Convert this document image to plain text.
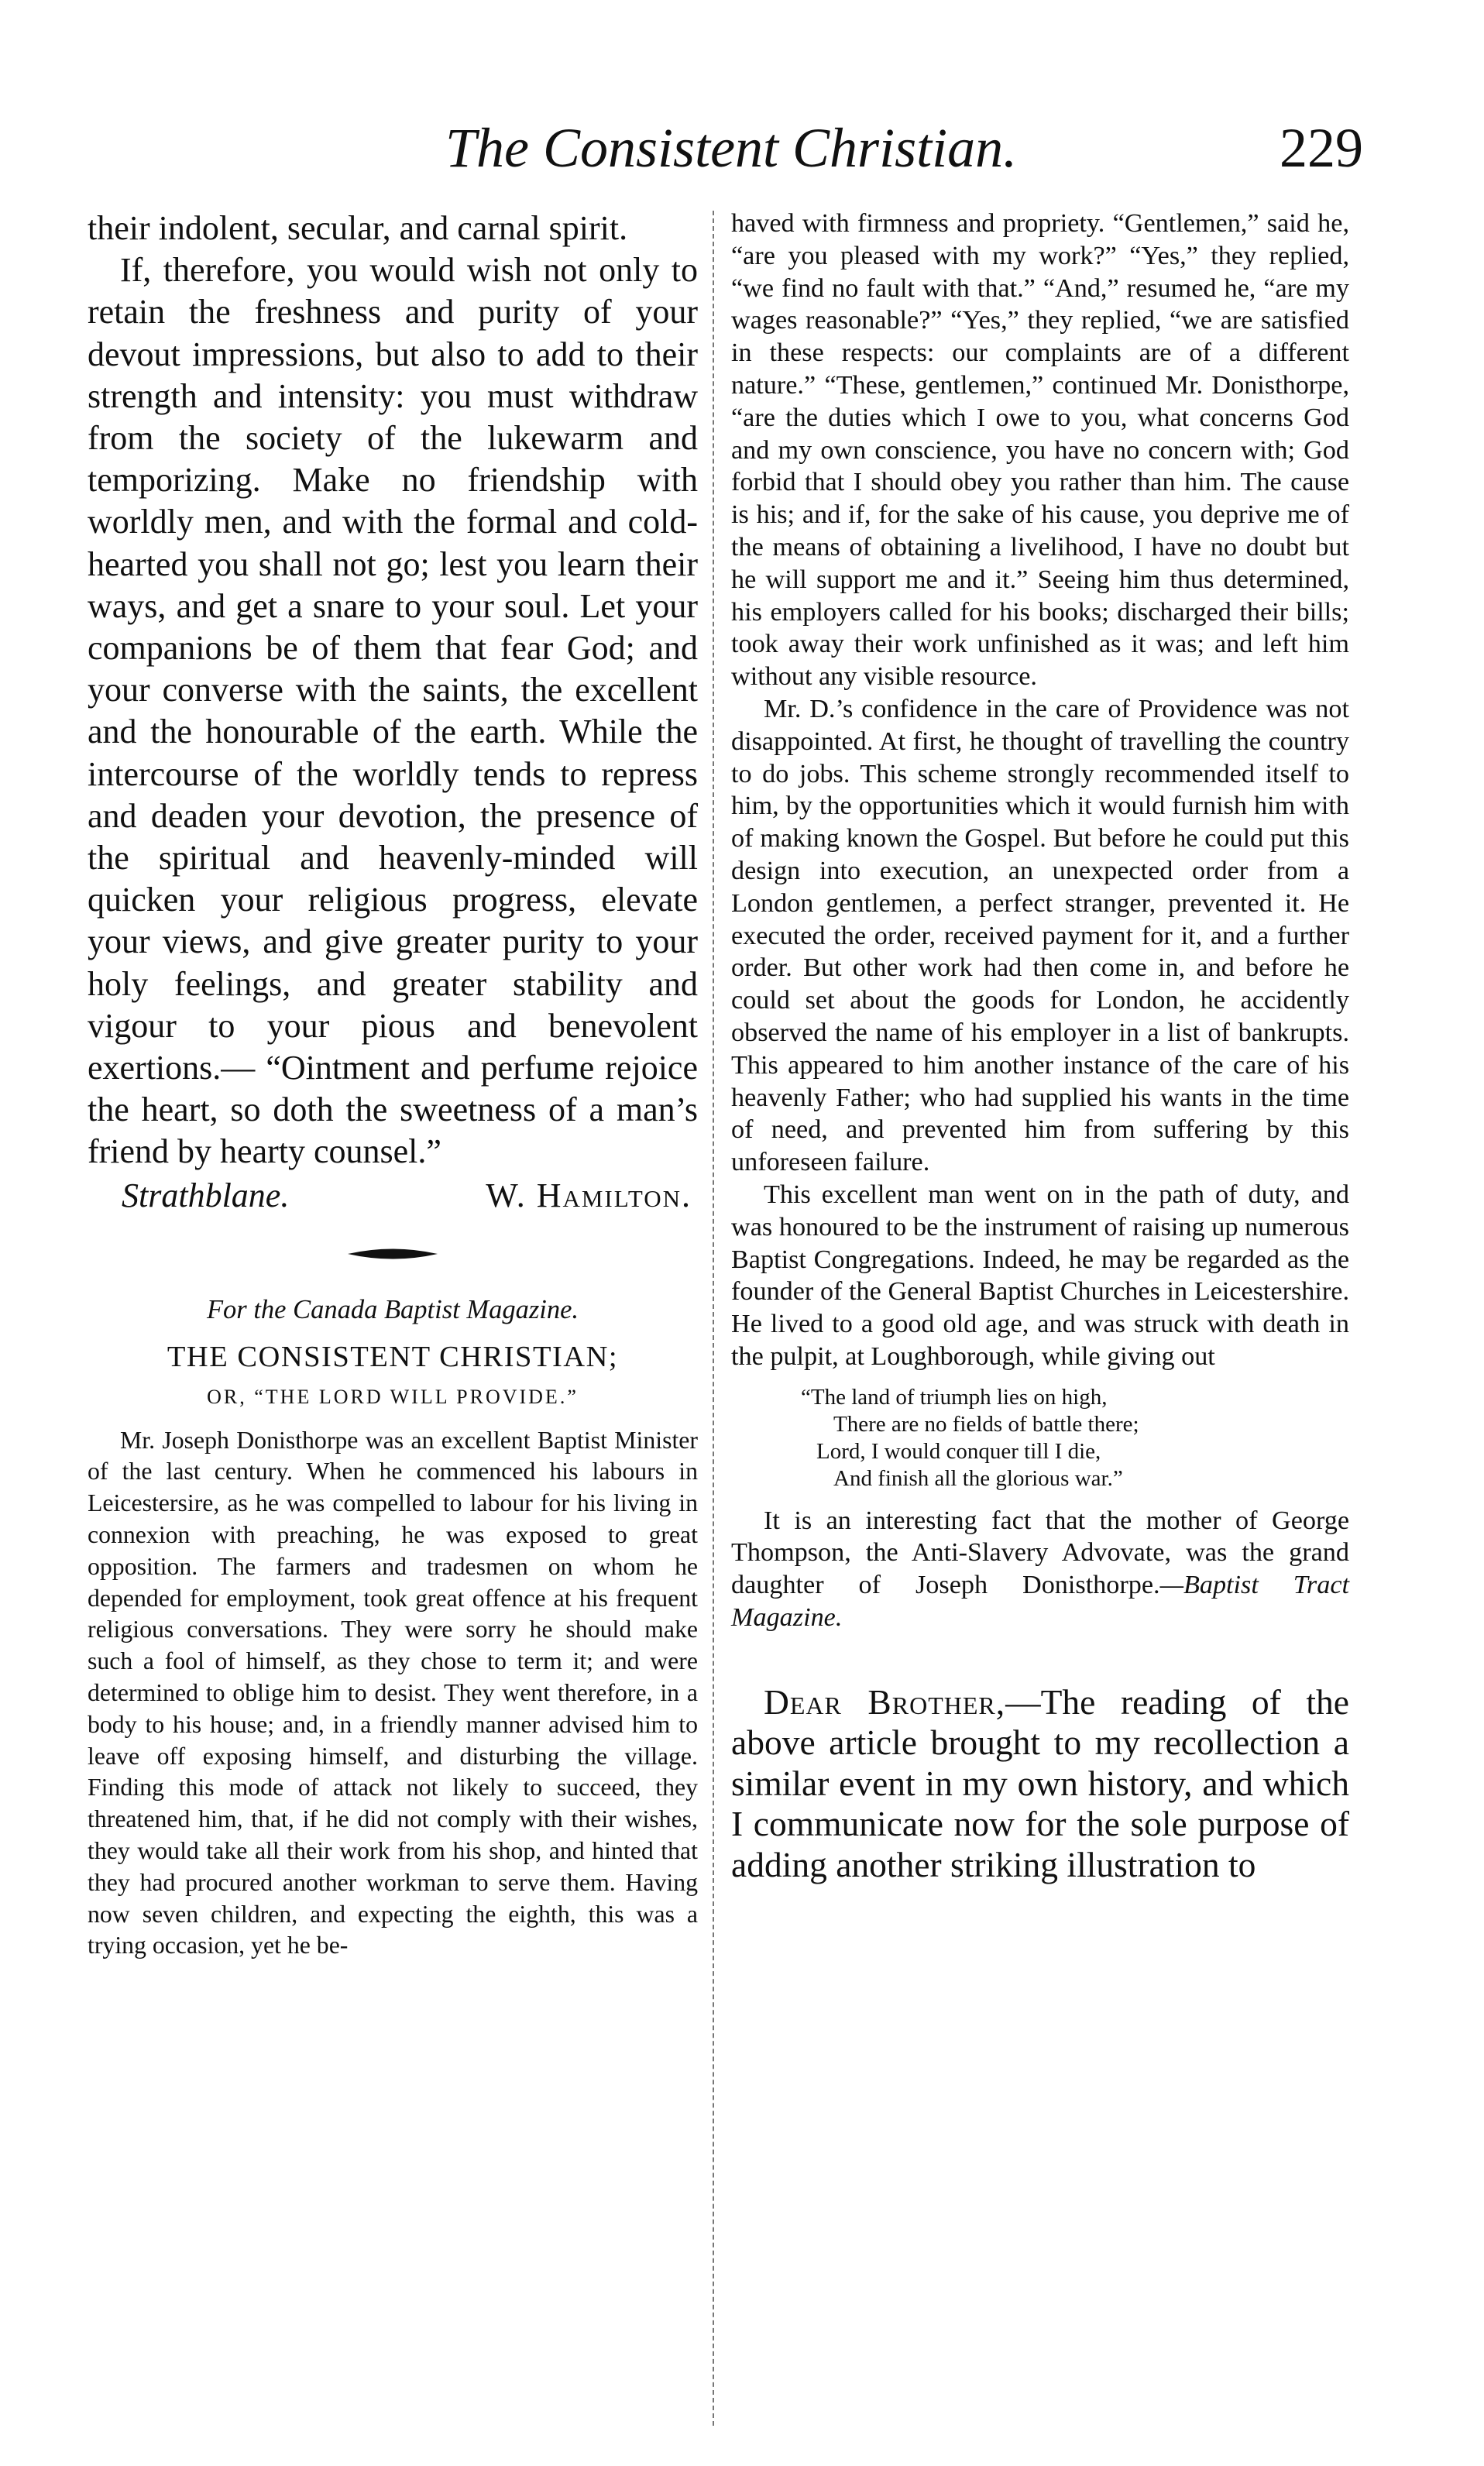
The Consistent Christian.	229

their indolent, secular, and carnal spirit.

If, therefore, you would wish not only to retain the freshness and purity of your devout impressions, but also to add to their strength and intensity: you must withdraw from the society of the lukewarm and temporizing. Make no friendship with worldly men, and with the formal and cold-hearted you shall not go; lest you learn their ways, and get a snare to your soul. Let your companions be of them that fear God; and your converse with the saints, the excellent and the honourable of the earth. While the intercourse of the worldly tends to repress and deaden your devotion, the presence of the spiritual and heavenly-minded will quicken your religious progress, elevate your views, and give greater purity to your holy feelings, and greater stability and vigour to your pious and benevolent exertions.— “Ointment and perfume rejoice the heart, so doth the sweetness of a man’s friend by hearty counsel.”

Strathblane.	W. Hamilton.
For the Canada Baptist Magazine.
THE CONSISTENT CHRISTIAN;
OR, “THE LORD WILL PROVIDE.”

Mr. Joseph Donisthorpe was an excellent Baptist Minister of the last century. When he commenced his labours in Leicestersire, as he was compelled to labour for his living in connexion with preaching, he was exposed to great opposition. The farmers and tradesmen on whom he depended for employment, took great offence at his frequent religious conversations. They were sorry he should make such a fool of himself, as they chose to term it; and were determined to oblige him to desist. They went therefore, in a body to his house; and, in a friendly manner advised him to leave off exposing himself, and disturbing the village. Finding this mode of attack not likely to succeed, they threatened him, that, if he did not comply with their wishes, they would take all their work from his shop, and hinted that they had procured another workman to serve them. Having now seven children, and expecting the eighth, this was a trying occasion, yet he be-

haved with firmness and propriety. “Gentlemen,” said he, “are you pleased with my work?” “Yes,” they replied, “we find no fault with that.” “And,” resumed he, “are my wages reasonable?” “Yes,” they replied, “we are satisfied in these respects: our complaints are of a different nature.” “These, gentlemen,” continued Mr. Donisthorpe, “are the duties which I owe to you, what concerns God and my own conscience, you have no concern with; God forbid that I should obey you rather than him. The cause is his; and if, for the sake of his cause, you deprive me of the means of obtaining a livelihood, I have no doubt but he will support me and it.” Seeing him thus determined, his employers called for his books; discharged their bills; took away their work unfinished as it was; and left him without any visible resource.

Mr. D.’s confidence in the care of Providence was not disappointed. At first, he thought of travelling the country to do jobs. This scheme strongly recommended itself to him, by the opportunities which it would furnish him with of making known the Gospel. But before he could put this design into execution, an unexpected order from a London gentlemen, a perfect stranger, prevented it. He executed the order, received payment for it, and a further order. But other work had then come in, and before he could set about the goods for London, he accidently observed the name of his employer in a list of bankrupts. This appeared to him another instance of the care of his heavenly Father; who had supplied his wants in the time of need, and prevented him from suffering by this unforeseen failure.

This excellent man went on in the path of duty, and was honoured to be the instrument of raising up numerous Baptist Congregations. Indeed, he may be regarded as the founder of the General Baptist Churches in Leicestershire. He lived to a good old age, and was struck with death in the pulpit, at Loughborough, while giving out

“The land of triumph lies on high,
There are no fields of battle there;
Lord, I would conquer till I die,
And finish all the glorious war.”

It is an interesting fact that the mother of George Thompson, the Anti-Slavery Advovate, was the grand daughter of Joseph Donisthorpe.—Baptist Tract Magazine.

Dear Brother,—The reading of the above article brought to my recollection a similar event in my own history, and which I communicate now for the sole purpose of adding another striking illustration to
